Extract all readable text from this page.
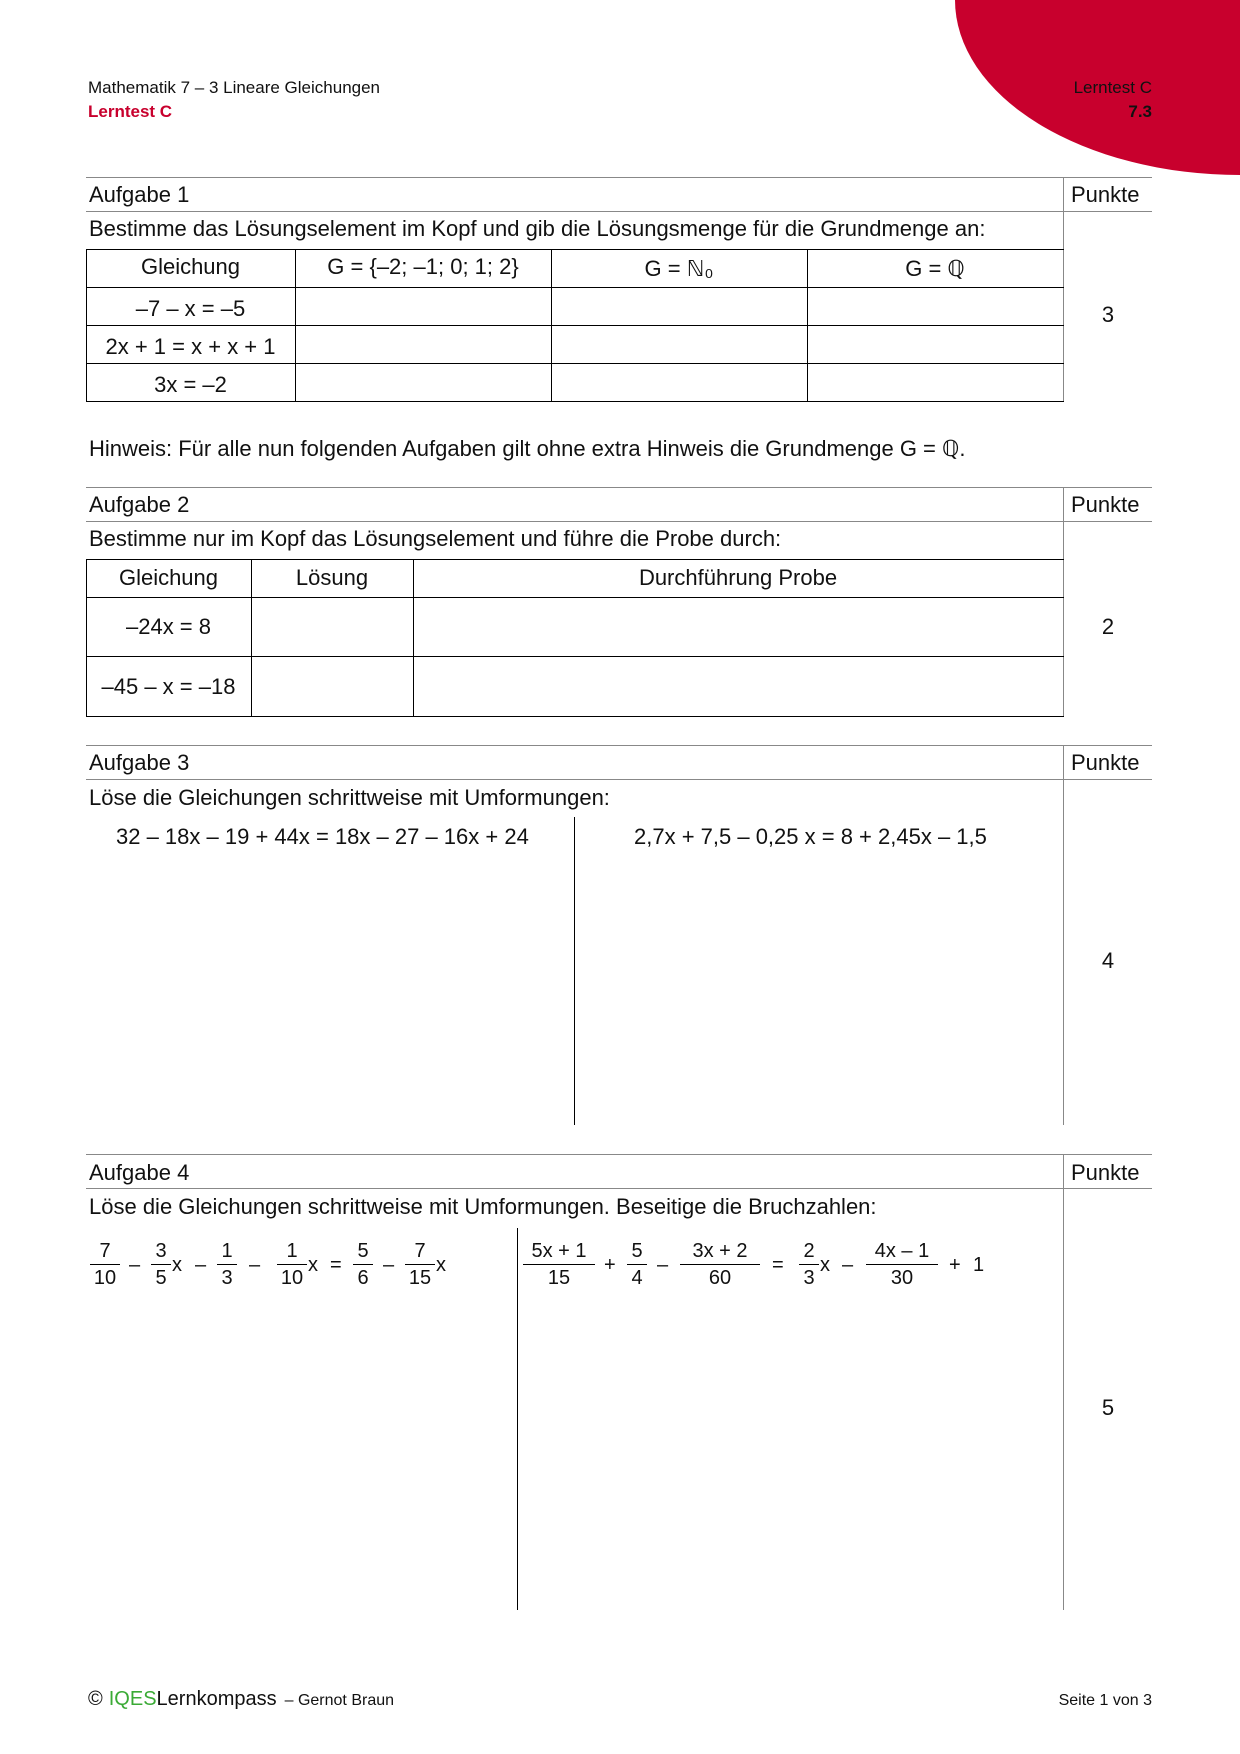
Mathematik 7 – 3 Lineare Gleichungen
Lerntest C
Lerntest C
7.3
Aufgabe 1	Punkte
Bestimme das Lösungselement im Kopf und gib die Lösungsmenge für die Grundmenge an:
Gleichung	G = {–2; –1; 0; 1; 2}	G = ℕ₀	G = ℚ
–7 – x = –5
2x + 1 = x + x + 1
3x = –2
3
Hinweis: Für alle nun folgenden Aufgaben gilt ohne extra Hinweis die Grundmenge G = ℚ.
Aufgabe 2	Punkte
Bestimme nur im Kopf das Lösungselement und führe die Probe durch:
Gleichung	Lösung	Durchführung Probe
–24x = 8
–45 – x = –18
2
Aufgabe 3	Punkte
Löse die Gleichungen schrittweise mit Umformungen:
32 – 18x – 19 + 44x = 18x – 27 – 16x + 24	2,7x + 7,5 – 0,25 x = 8 + 2,45x – 1,5
4
Aufgabe 4	Punkte
Löse die Gleichungen schrittweise mit Umformungen. Beseitige die Bruchzahlen:
$\frac{7}{10} - \frac{3}{5}$ x – $\frac{1}{3} - \frac{1}{10}$ $x = \frac{5}{6} - \frac{7}{15}$ x	$\frac{5x + 1}{15} + \frac{5}{4} - \frac{3x + 2}{60} = \frac{2}{3}$ $x - \frac{4x - 1}{30} + 1$
5
© IQES Lernkompass – Gernot Braun	Seite 1 von 3
